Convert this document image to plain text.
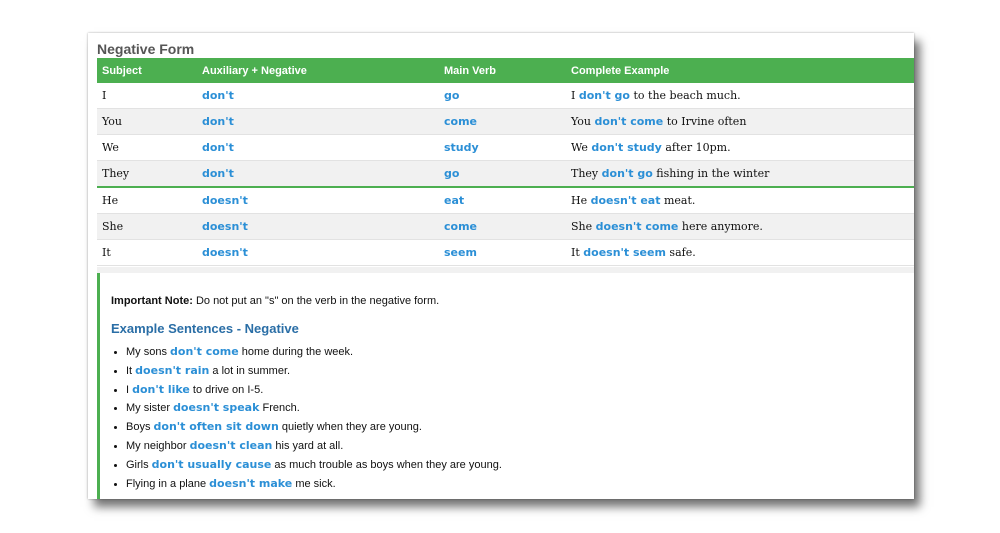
Negative Form
Subject	Auxiliary + Negative	Main Verb	Complete Example
I	don't	go	I don't go to the beach much.
You	don't	come	You don't come to Irvine often
We	don't	study	We don't study after 10pm.
They	don't	go	They don't go fishing in the winter
He	doesn't	eat	He doesn't eat meat.
She	doesn't	come	She doesn't come here anymore.
It	doesn't	seem	It doesn't seem safe.
Important Note: Do not put an "s" on the verb in the negative form.
Example Sentences - Negative
• My sons don't come home during the week.
• It doesn't rain a lot in summer.
• I don't like to drive on I-5.
• My sister doesn't speak French.
• Boys don't often sit down quietly when they are young.
• My neighbor doesn't clean his yard at all.
• Girls don't usually cause as much trouble as boys when they are young.
• Flying in a plane doesn't make me sick.
